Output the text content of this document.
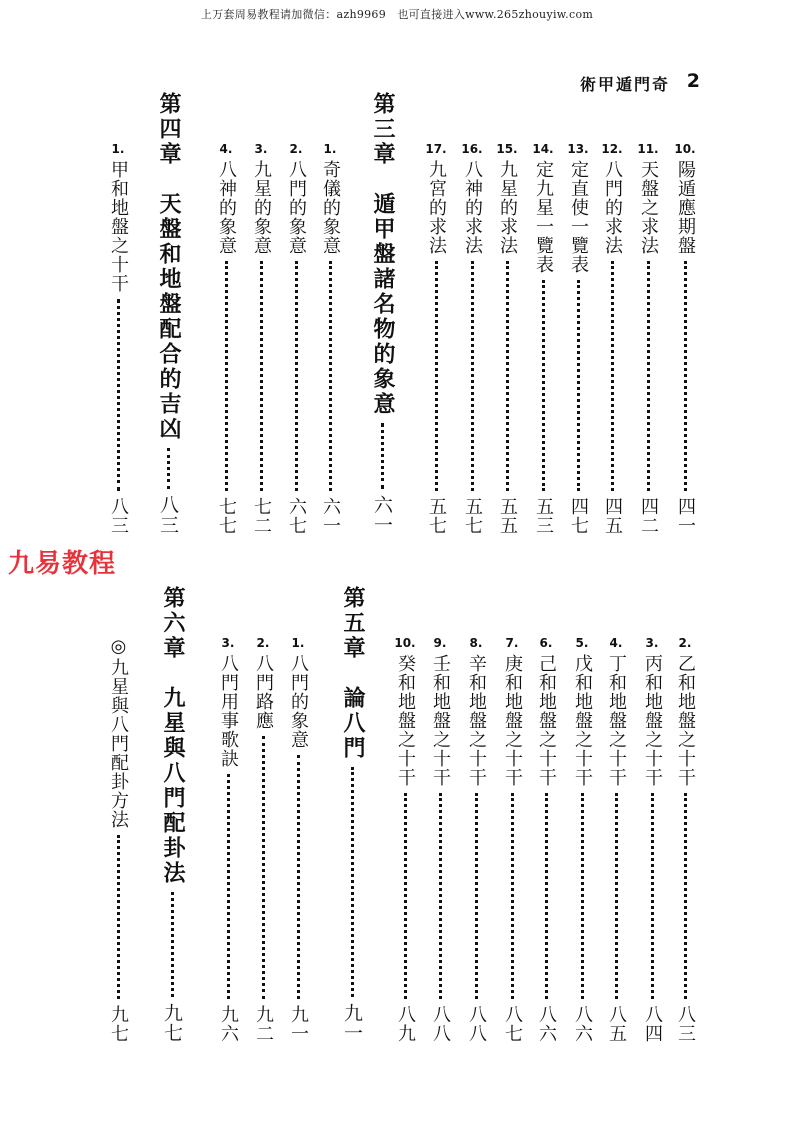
上万套周易教程请加微信：azh9969　也可直接进入www.265zhouyiw.com
術甲遁門奇 2
九易教程
10.
陽遁應期盤
四一
11.
天盤之求法
四二
12.
八門的求法
四五
13.
定直使一覽表
四七
14.
定九星一覽表
五三
15.
九星的求法
五五
16.
八神的求法
五七
17.
九宮的求法
五七
第三章　遁甲盤諸名物的象意
六一
1.
奇儀的象意
六一
2.
八門的象意
六七
3.
九星的象意
七二
4.
八神的象意
七七
第四章　天盤和地盤配合的吉凶
八三
1.
甲和地盤之十干
八三
2.
乙和地盤之十干
八三
3.
丙和地盤之十干
八四
4.
丁和地盤之十干
八五
5.
戊和地盤之十干
八六
6.
己和地盤之十干
八六
7.
庚和地盤之十干
八七
8.
辛和地盤之十干
八八
9.
壬和地盤之十干
八八
10.
癸和地盤之十干
八九
第五章　論八門
九一
1.
八門的象意
九一
2.
八門路應
九二
3.
八門用事歌訣
九六
第六章　九星與八門配卦法
九七
◎九星與八門配卦方法
九七
